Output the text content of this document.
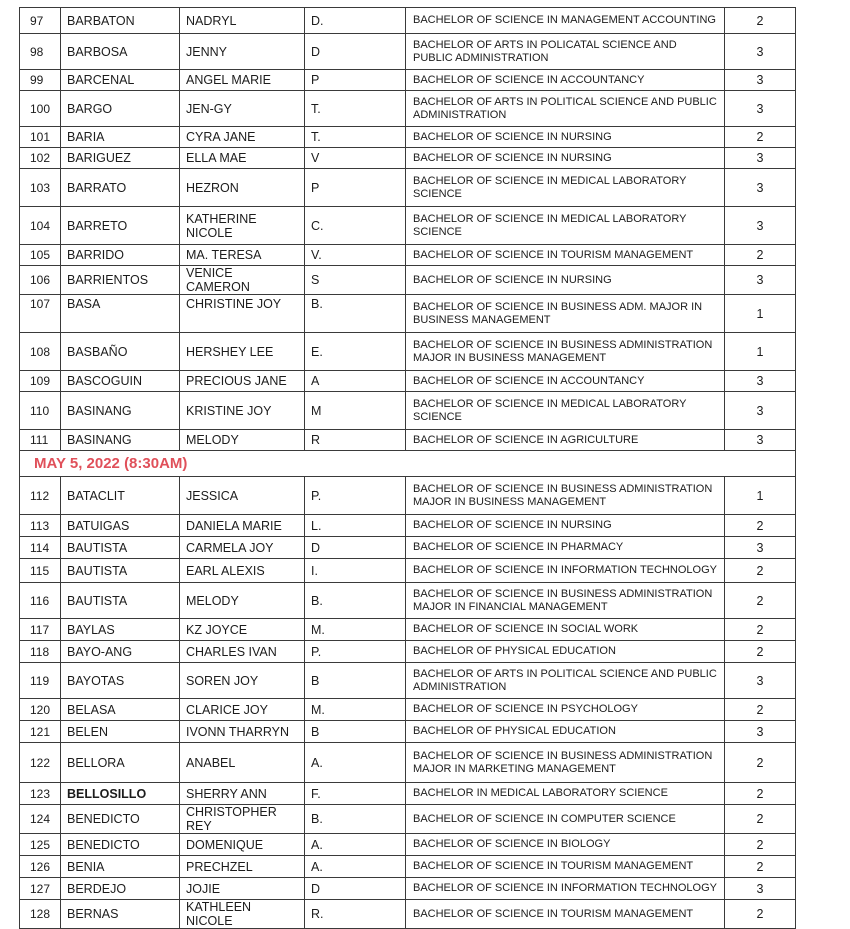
97	BARBATON	NADRYL	D.	BACHELOR OF SCIENCE IN MANAGEMENT ACCOUNTING	2
98	BARBOSA	JENNY	D	BACHELOR OF ARTS IN POLICATAL SCIENCE AND PUBLIC ADMINISTRATION	3
99	BARCENAL	ANGEL MARIE	P	BACHELOR OF SCIENCE IN ACCOUNTANCY	3
100	BARGO	JEN-GY	T.	BACHELOR OF ARTS IN POLITICAL SCIENCE AND PUBLIC ADMINISTRATION	3
101	BARIA	CYRA JANE	T.	BACHELOR OF SCIENCE IN NURSING	2
102	BARIGUEZ	ELLA MAE	V	BACHELOR OF SCIENCE IN NURSING	3
103	BARRATO	HEZRON	P	BACHELOR OF SCIENCE IN MEDICAL LABORATORY SCIENCE	3
104	BARRETO	KATHERINE NICOLE	C.	BACHELOR OF SCIENCE IN MEDICAL LABORATORY SCIENCE	3
105	BARRIDO	MA. TERESA	V.	BACHELOR OF SCIENCE IN TOURISM MANAGEMENT	2
106	BARRIENTOS	VENICE CAMERON	S	BACHELOR OF SCIENCE IN NURSING	3
107	BASA	CHRISTINE JOY	B.	BACHELOR OF SCIENCE IN BUSINESS ADM. MAJOR IN BUSINESS MANAGEMENT	1
108	BASBAÑO	HERSHEY LEE	E.	BACHELOR OF SCIENCE IN BUSINESS ADMINISTRATION MAJOR IN BUSINESS MANAGEMENT	1
109	BASCOGUIN	PRECIOUS JANE	A	BACHELOR OF SCIENCE IN ACCOUNTANCY	3
110	BASINANG	KRISTINE JOY	M	BACHELOR OF SCIENCE IN MEDICAL LABORATORY SCIENCE	3
111	BASINANG	MELODY	R	BACHELOR OF SCIENCE IN AGRICULTURE	3
MAY 5, 2022 (8:30AM)					
112	BATACLIT	JESSICA	P.	BACHELOR OF SCIENCE IN BUSINESS ADMINISTRATION MAJOR IN BUSINESS MANAGEMENT	1
113	BATUIGAS	DANIELA MARIE	L.	BACHELOR OF SCIENCE IN NURSING	2
114	BAUTISTA	CARMELA JOY	D	BACHELOR OF SCIENCE IN PHARMACY	3
115	BAUTISTA	EARL ALEXIS	I.	BACHELOR OF SCIENCE IN INFORMATION TECHNOLOGY	2
116	BAUTISTA	MELODY	B.	BACHELOR OF SCIENCE IN BUSINESS ADMINISTRATION MAJOR IN FINANCIAL MANAGEMENT	2
117	BAYLAS	KZ JOYCE	M.	BACHELOR OF SCIENCE IN SOCIAL WORK	2
118	BAYO-ANG	CHARLES IVAN	P.	BACHELOR OF PHYSICAL EDUCATION	2
119	BAYOTAS	SOREN JOY	B	BACHELOR OF ARTS IN POLITICAL SCIENCE AND PUBLIC ADMINISTRATION	3
120	BELASA	CLARICE JOY	M.	BACHELOR OF SCIENCE IN PSYCHOLOGY	2
121	BELEN	IVONN THARRYN	B	BACHELOR OF PHYSICAL EDUCATION	3
122	BELLORA	ANABEL	A.	BACHELOR OF SCIENCE IN BUSINESS ADMINISTRATION MAJOR IN MARKETING MANAGEMENT	2
123	BELLOSILLO	SHERRY ANN	F.	BACHELOR IN MEDICAL LABORATORY SCIENCE	2
124	BENEDICTO	CHRISTOPHER REY	B.	BACHELOR OF SCIENCE IN COMPUTER SCIENCE	2
125	BENEDICTO	DOMENIQUE	A.	BACHELOR OF SCIENCE IN BIOLOGY	2
126	BENIA	PRECHZEL	A.	BACHELOR OF SCIENCE IN TOURISM MANAGEMENT	2
127	BERDEJO	JOJIE	D	BACHELOR OF SCIENCE IN INFORMATION TECHNOLOGY	3
128	BERNAS	KATHLEEN NICOLE	R.	BACHELOR OF SCIENCE IN TOURISM MANAGEMENT	2
